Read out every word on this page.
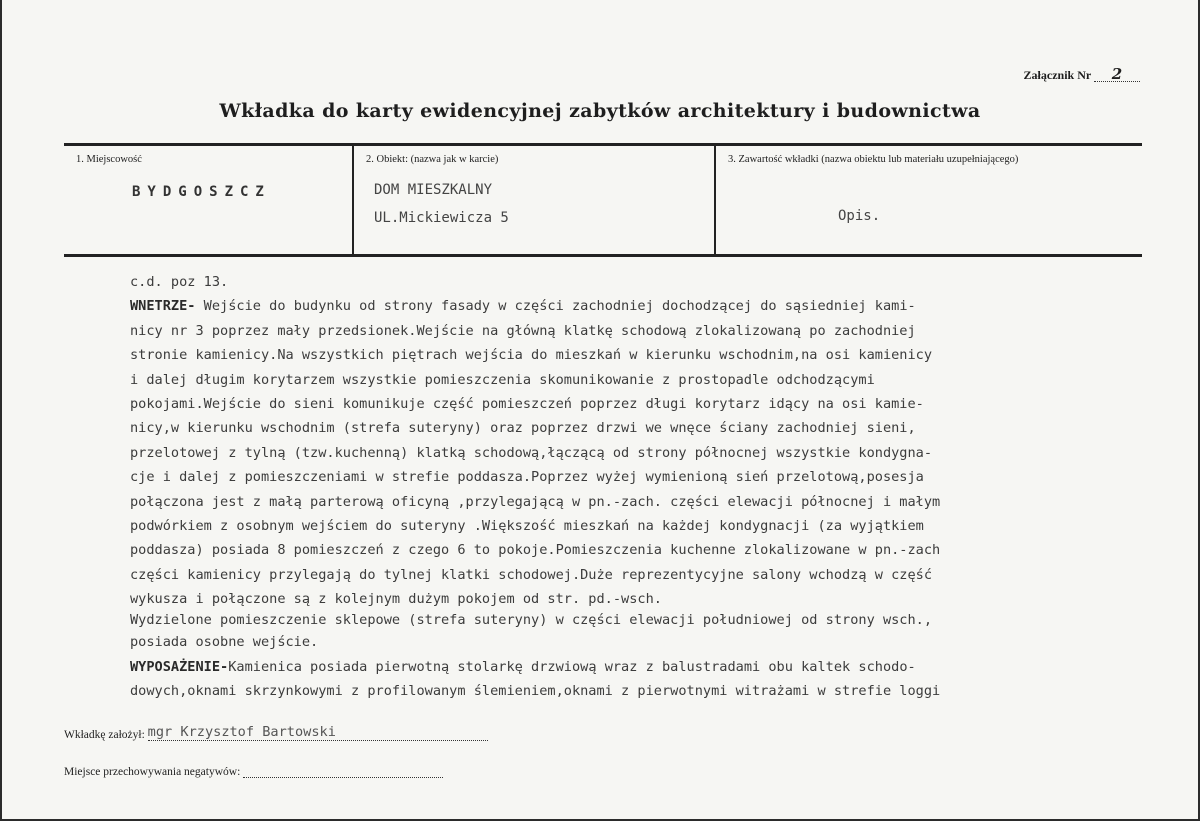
Załącznik Nr 2
Wkładka do karty ewidencyjnej zabytków architektury i budownictwa
1. Miejscowość
BYDGOSZCZ
2. Obiekt: (nazwa jak w karcie)
DOM MIESZKALNY
UL.Mickiewicza 5
3. Zawartość wkładki (nazwa obiektu lub materiału uzupełniającego)
Opis.

c.d. poz 13.

WNETRZE- Wejście do budynku od strony fasady w części zachodniej dochodzącej do sąsiedniej kami-

nicy nr 3 poprzez mały przedsionek.Wejście na główną klatkę schodową zlokalizowaną po zachodniej

stronie kamienicy.Na wszystkich piętrach wejścia do mieszkań w kierunku wschodnim,na osi kamienicy

i dalej długim korytarzem wszystkie pomieszczenia skomunikowanie z prostopadle odchodzącymi

pokojami.Wejście do sieni komunikuje część pomieszczeń poprzez długi korytarz idący na osi kamie-

nicy,w kierunku wschodnim (strefa suteryny) oraz poprzez drzwi we wnęce ściany zachodniej sieni,

przelotowej z tylną (tzw.kuchenną) klatką schodową,łączącą od strony północnej wszystkie kondygna-

cje i dalej z pomieszczeniami w strefie poddasza.Poprzez wyżej wymienioną sień przelotową,posesja

połączona jest z małą parterową oficyną ,przylegającą w pn.-zach. części elewacji północnej i małym

podwórkiem z osobnym wejściem do suteryny .Większość mieszkań na każdej kondygnacji (za wyjątkiem

poddasza) posiada 8 pomieszczeń z czego 6 to pokoje.Pomieszczenia kuchenne zlokalizowane w pn.-zach

części kamienicy przylegają do tylnej klatki schodowej.Duże reprezentycyjne salony wchodzą w część

wykusza i połączone są z kolejnym dużym pokojem od str. pd.-wsch.

Wydzielone pomieszczenie sklepowe (strefa suteryny) w części elewacji południowej od strony wsch.,

posiada osobne wejście.

WYPOSAŻENIE-Kamienica posiada pierwotną stolarkę drzwiową wraz z balustradami obu kaltek schodo-

dowych,oknami skrzynkowymi z profilowanym ślemieniem,oknami z pierwotnymi witrażami w strefie loggi

Wkładkę założył: mgr Krzysztof Bartowski
Miejsce przechowywania negatywów:
